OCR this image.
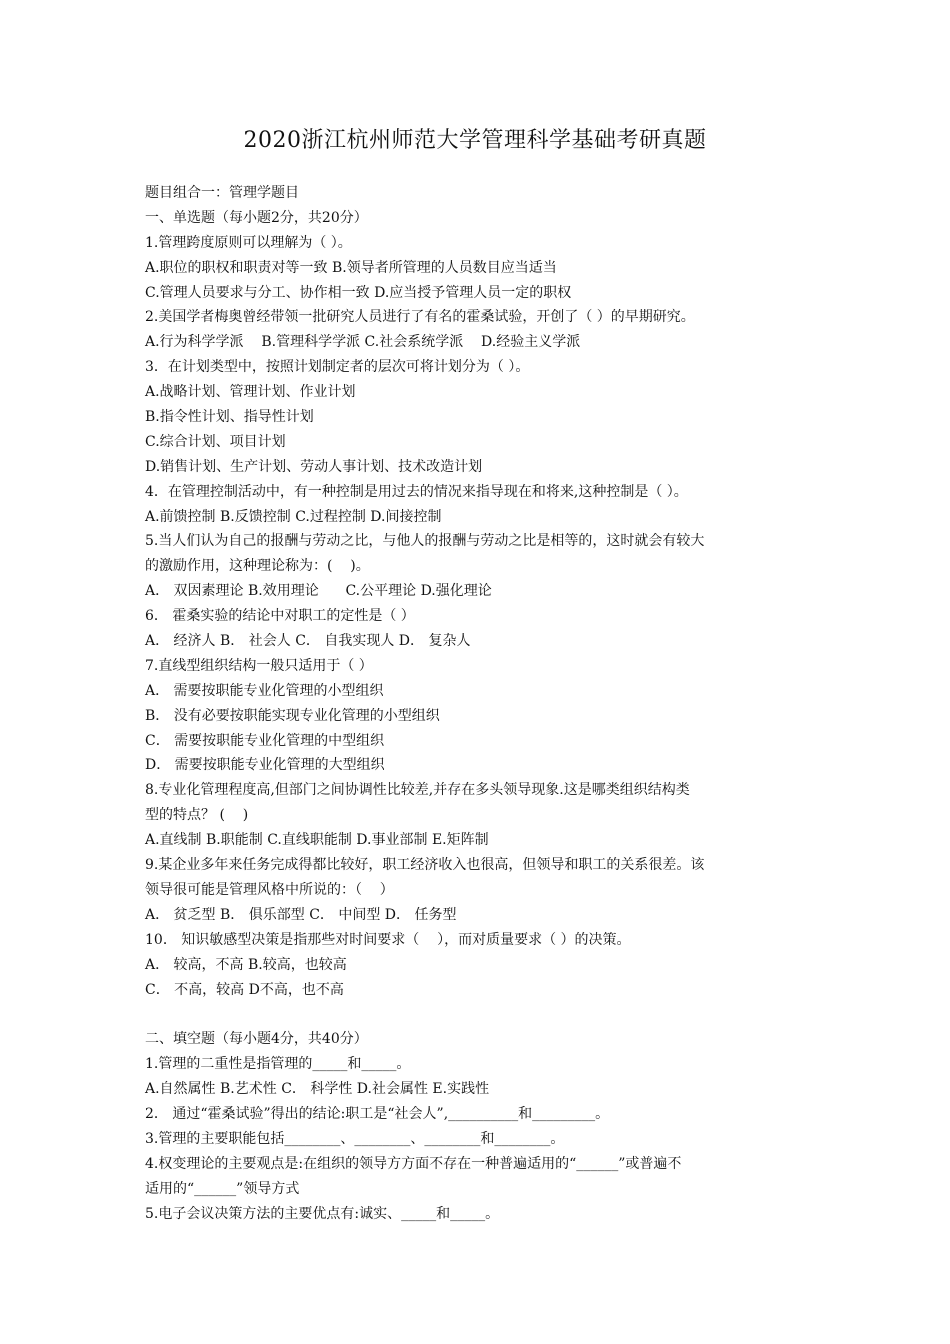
2020浙江杭州师范大学管理科学基础考研真题
题目组合一：管理学题目
一、单选题（每小题2分，共20分）
1.管理跨度原则可以理解为（ ）。
A.职位的职权和职责对等一致 B.领导者所管理的人员数目应当适当
C.管理人员要求与分工、协作相一致 D.应当授予管理人员一定的职权
2.美国学者梅奥曾经带领一批研究人员进行了有名的霍桑试验，开创了（ ）的早期研究。
A.行为科学学派    B.管理科学学派 C.社会系统学派    D.经验主义学派
3．在计划类型中，按照计划制定者的层次可将计划分为（ ）。
A.战略计划、管理计划、作业计划
B.指令性计划、指导性计划
C.综合计划、项目计划
D.销售计划、生产计划、劳动人事计划、技术改造计划
4．在管理控制活动中，有一种控制是用过去的情况来指导现在和将来,这种控制是（ ）。
A.前馈控制 B.反馈控制 C.过程控制 D.间接控制
5.当人们认为自己的报酬与劳动之比，与他人的报酬与劳动之比是相等的，这时就会有较大
的激励作用，这种理论称为：(    )。
A． 双因素理论 B.效用理论      C.公平理论 D.强化理论
6． 霍桑实验的结论中对职工的定性是（ ）
A． 经济人 B． 社会人 C． 自我实现人 D． 复杂人
7.直线型组织结构一般只适用于（ ）
A． 需要按职能专业化管理的小型组织
B． 没有必要按职能实现专业化管理的小型组织
C． 需要按职能专业化管理的中型组织
D． 需要按职能专业化管理的大型组织
8.专业化管理程度高,但部门之间协调性比较差,并存在多头领导现象.这是哪类组织结构类
型的特点？ (    )
A.直线制 B.职能制 C.直线职能制 D.事业部制 E.矩阵制
9.某企业多年来任务完成得都比较好，职工经济收入也很高，但领导和职工的关系很差。该
领导很可能是管理风格中所说的：（    ）
A． 贫乏型 B． 俱乐部型 C． 中间型 D． 任务型
10． 知识敏感型决策是指那些对时间要求（    ），而对质量要求（ ）的决策。
A． 较高，不高 B.较高，也较高
C． 不高，较高 D不高，也不高
二、填空题（每小题4分，共40分）
1.管理的二重性是指管理的_____和_____。
A.自然属性 B.艺术性 C． 科学性 D.社会属性 E.实践性
2． 通过“霍桑试验”得出的结论:职工是“社会人”,__________和_________。
3.管理的主要职能包括________、________、________和________。
4.权变理论的主要观点是:在组织的领导方方面不存在一种普遍适用的“______”或普遍不
适用的“______”领导方式
5.电子会议决策方法的主要优点有:诚实、_____和_____。
